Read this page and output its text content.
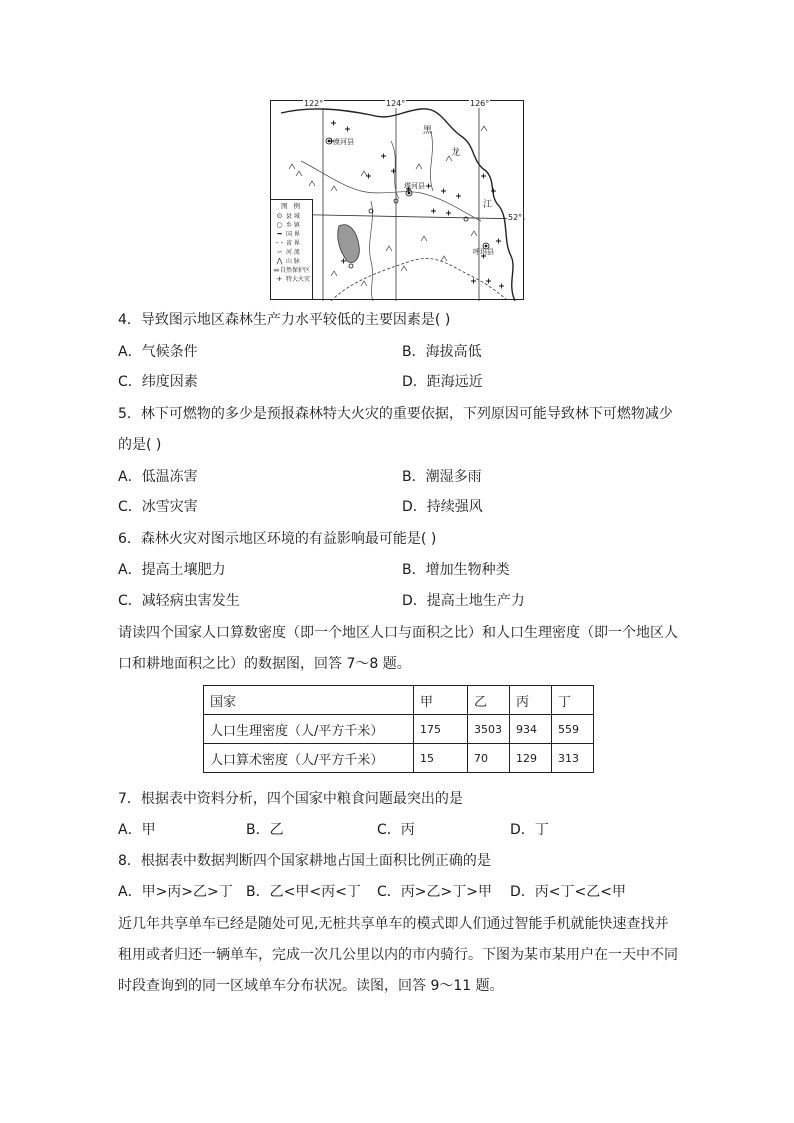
122°	124°	126°
52°
漠河县
塔河县
呼玛县
黑
龙
江
图 例
⊙ 县 城
○ 乡 镇
━ 国 界
- - 省 界
∽ 河 流
⋀ 山 脉
▬ 自然保护区
+ 特大火灾
4．导致图示地区森林生产力水平较低的主要因素是( )
A．气候条件	B．海拔高低
C．纬度因素	D．距海远近
5．林下可燃物的多少是预报森林特大火灾的重要依据，下列原因可能导致林下可燃物减少
的是( )
A．低温冻害	B．潮湿多雨
C．冰雪灾害	D．持续强风
6．森林火灾对图示地区环境的有益影响最可能是( )
A．提高土壤肥力	B．增加生物种类
C．减轻病虫害发生	D．提高土地生产力
请读四个国家人口算数密度（即一个地区人口与面积之比）和人口生理密度（即一个地区人
口和耕地面积之比）的数据图，回答 7～8 题。
国家	甲	乙	丙	丁
人口生理密度（人/平方千米）	175	3503	934	559
人口算术密度（人/平方千米）	15	70	129	313
7．根据表中资料分析，四个国家中粮食问题最突出的是
A．甲	B．乙	C．丙	D．丁
8．根据表中数据判断四个国家耕地占国土面积比例正确的是
A．甲>丙>乙>丁 B．乙<甲<丙<丁 C．丙>乙>丁>甲 D．丙<丁<乙<甲
近几年共享单车已经是随处可见,无桩共享单车的模式即人们通过智能手机就能快速查找并
租用或者归还一辆单车，完成一次几公里以内的市内骑行。下图为某市某用户在一天中不同
时段查询到的同一区域单车分布状况。读图，回答 9～11 题。
